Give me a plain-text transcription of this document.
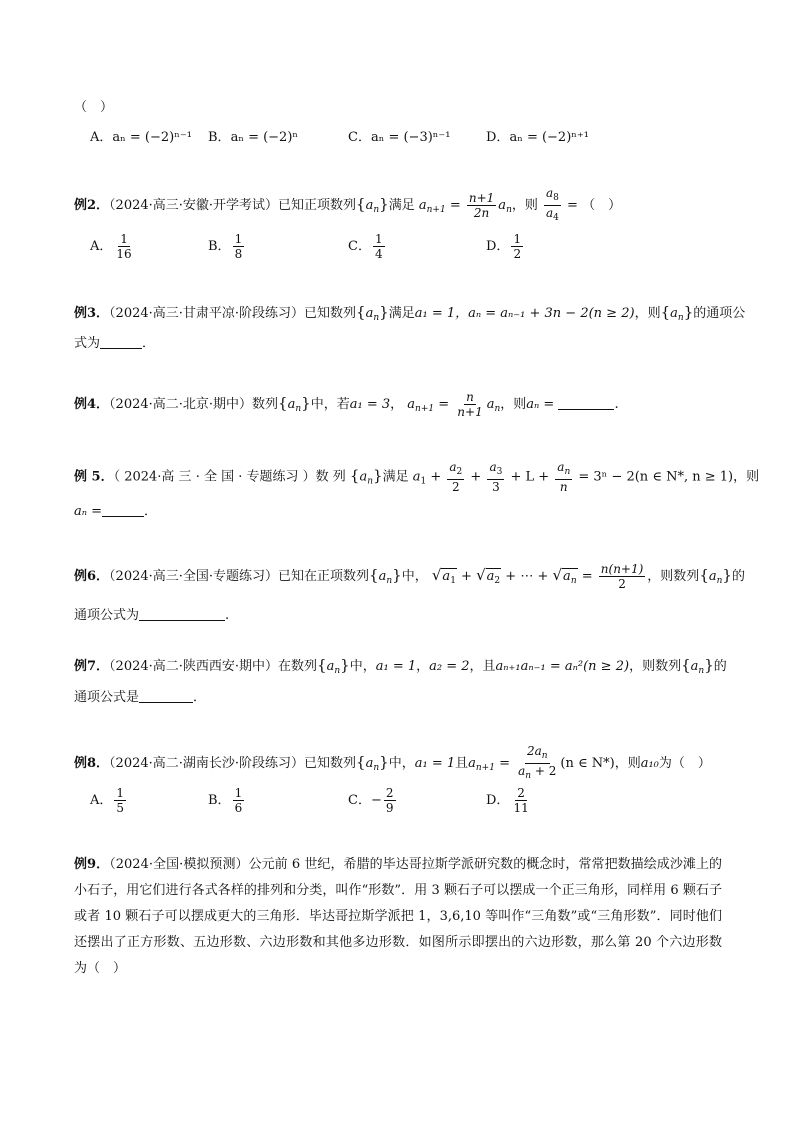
（　）
A．aₙ = (−2)ⁿ⁻¹ B．aₙ = (−2)ⁿ	C．aₙ = (−3)ⁿ⁻¹	D．aₙ = (−2)ⁿ⁺¹
例2．（2024·高三·安徽·开学考试）已知正项数列$\{a_n\}$满足 $a_{n+1} = \frac{n+1}{2n} a_n$，则 $\frac{a_8}{a_4}$ = （　）
A． $\frac{1}{16}$	B． $\frac{1}{8}$	C． $\frac{1}{4}$	D． $\frac{1}{2}$
例3．（2024·高三·甘肃平凉·阶段练习）已知数列$\{a_n\}$满足a₁ = 1，aₙ = aₙ₋₁ + 3n − 2(n ≥ 2)，则$\{a_n\}$的通项公
式为	．
例4．（2024·高二·北京·期中）数列$\{a_n\}$中，若a₁ = 3， $a_{n+1} = \frac{n}{n+1} a_n$，则aₙ =	.
例 5．（ 2024·高 三 · 全 国 · 专题练习 ）数 列 $\{a_n\}$满足 $a_1 + \frac{a_2}{2} + \frac{a_3}{3} + L + \frac{a_n}{n} = 3^n - 2(n$ ∈ N*, n ≥ 1)，则
aₙ =	．
例6．（2024·高三·全国·专题练习）已知在正项数列$\{a_n\}$中， $√a_1 + √a_2$ + ⋯ + $√a_n = \frac{n(n+1)}{2}$ ，则数列$\{a_n\}$的
通项公式为	.
例7．（2024·高二·陕西西安·期中）在数列$\{a_n\}$中，a₁ = 1，a₂ = 2，且aₙ₊₁aₙ₋₁ = aₙ²(n ≥ 2)，则数列$\{a_n\}$的
通项公式是	．
例8．（2024·高二·湖南长沙·阶段练习）已知数列$\{a_n\}$中，a₁ = 1且$a_{n+1} = \frac{2a_n}{a_n + 2} (n$ ∈ N*)，则a₁₀为（　）
A． $\frac{1}{5}$	B． $\frac{1}{6}$	C．− $\frac{2}{9}$	D． $\frac{2}{11}$
例9．（2024·全国·模拟预测）公元前 6 世纪，希腊的毕达哥拉斯学派研究数的概念时，常常把数描绘成沙滩上的小石子，用它们进行各式各样的排列和分类，叫作“形数”．用 3 颗石子可以摆成一个正三角形，同样用 6 颗石子或者 10 颗石子可以摆成更大的三角形．毕达哥拉斯学派把 1，3,6,10 等叫作“三角数”或“三角形数”．同时他们还摆出了正方形数、五边形数、六边形数和其他多边形数．如图所示即摆出的六边形数，那么第 20 个六边形数为（　）
